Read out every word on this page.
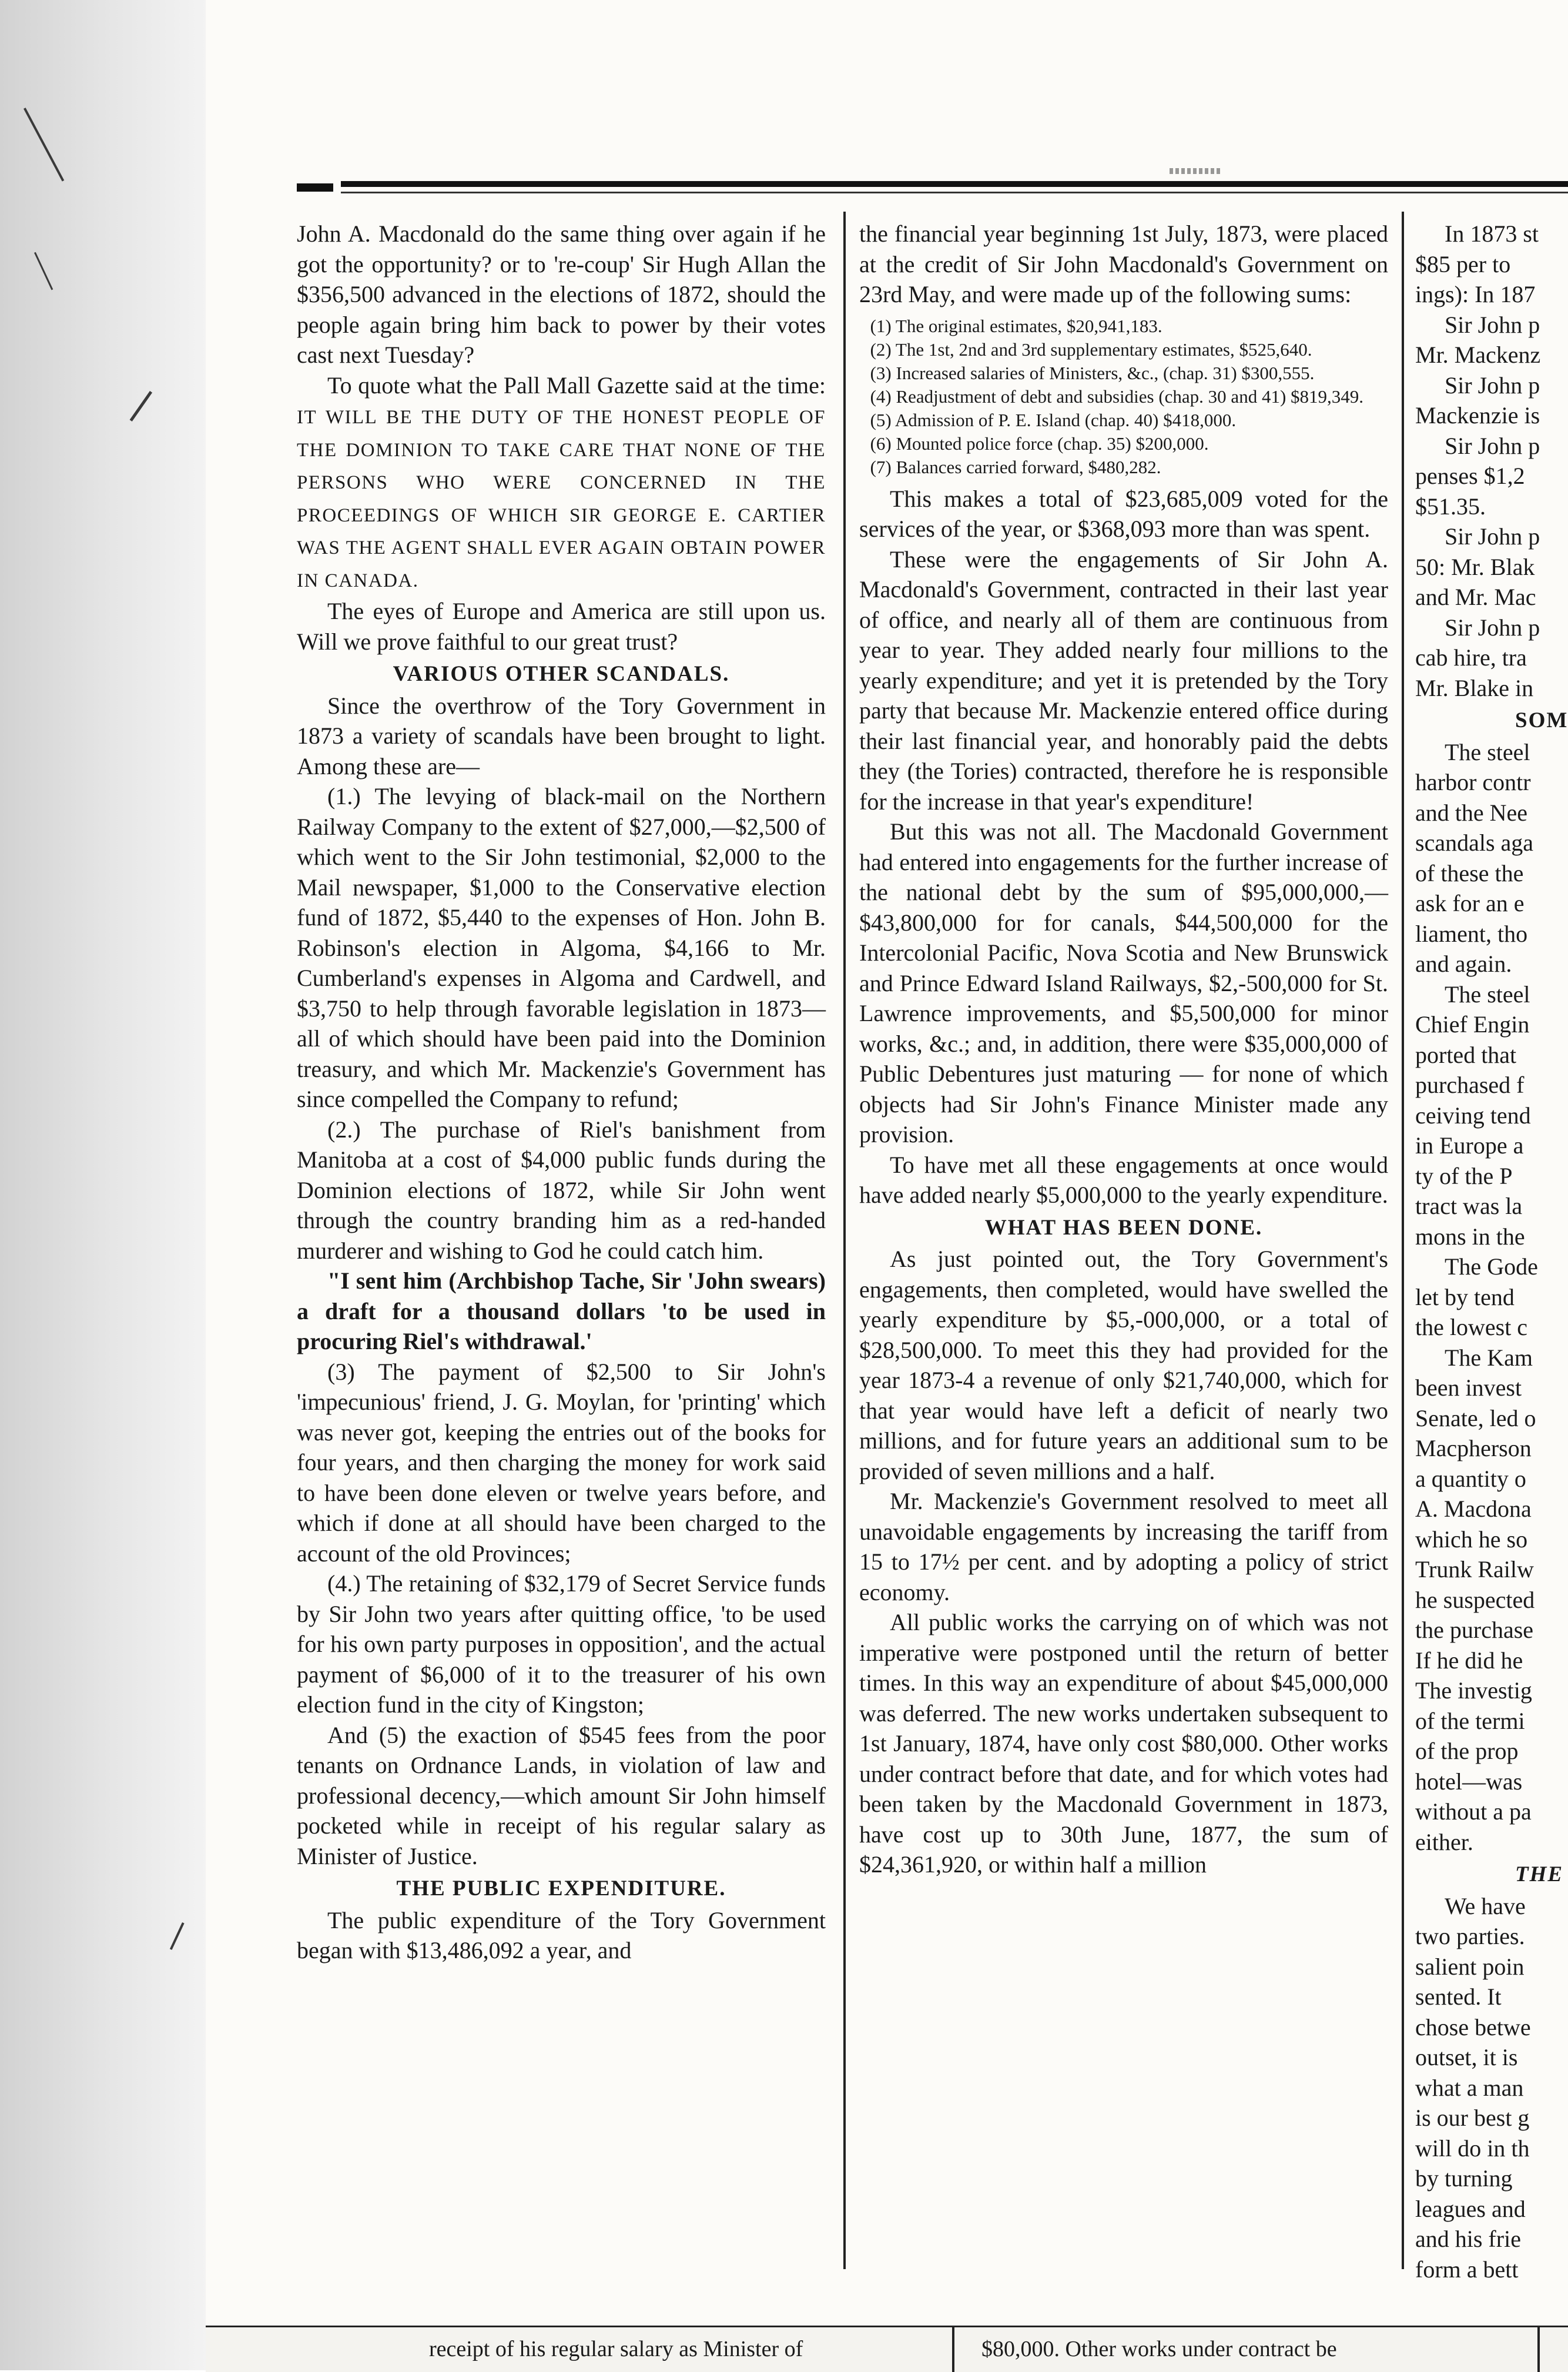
John A. Macdonald do the same thing over again if he got the opportunity? or to 're-coup' Sir Hugh Allan the $356,500 advanced in the elections of 1872, should the people again bring him back to power by their votes cast next Tuesday?

To quote what the Pall Mall Gazette said at the time: IT WILL BE THE DUTY OF THE HONEST PEOPLE OF THE DOMINION TO TAKE CARE THAT NONE OF THE PERSONS WHO WERE CONCERNED IN THE PROCEEDINGS OF WHICH SIR GEORGE E. CARTIER WAS THE AGENT SHALL EVER AGAIN OBTAIN POWER IN CANADA.

The eyes of Europe and America are still upon us. Will we prove faithful to our great trust?

VARIOUS OTHER SCANDALS.

Since the overthrow of the Tory Government in 1873 a variety of scandals have been brought to light. Among these are—

(1.) The levying of black-mail on the Northern Railway Company to the extent of $27,000,—$2,500 of which went to the Sir John testimonial, $2,000 to the Mail newspaper, $1,000 to the Conservative election fund of 1872, $5,440 to the expenses of Hon. John B. Robinson's election in Algoma, $4,166 to Mr. Cumberland's expenses in Algoma and Cardwell, and $3,750 to help through favorable legislation in 1873—all of which should have been paid into the Dominion treasury, and which Mr. Mackenzie's Government has since compelled the Company to refund;

(2.) The purchase of Riel's banishment from Manitoba at a cost of $4,000 public funds during the Dominion elections of 1872, while Sir John went through the country branding him as a red-handed murderer and wishing to God he could catch him.

"I sent him (Archbishop Tache, Sir 'John swears) a draft for a thousand dollars 'to be used in procuring Riel's withdrawal.'

(3) The payment of $2,500 to Sir John's 'impecunious' friend, J. G. Moylan, for 'printing' which was never got, keeping the entries out of the books for four years, and then charging the money for work said to have been done eleven or twelve years before, and which if done at all should have been charged to the account of the old Provinces;

(4.) The retaining of $32,179 of Secret Service funds by Sir John two years after quitting office, 'to be used for his own party purposes in opposition', and the actual payment of $6,000 of it to the treasurer of his own election fund in the city of Kingston;

And (5) the exaction of $545 fees from the poor tenants on Ordnance Lands, in violation of law and professional decency,—which amount Sir John himself pocketed while in receipt of his regular salary as Minister of Justice.

THE PUBLIC EXPENDITURE.

The public expenditure of the Tory Government began with $13,486,092 a year, and

the financial year beginning 1st July, 1873, were placed at the credit of Sir John Macdonald's Government on 23rd May, and were made up of the following sums:

(1) The original estimates, $20,941,183.
(2) The 1st, 2nd and 3rd supplementary estimates, $525,640.
(3) Increased salaries of Ministers, &c., (chap. 31) $300,555.
(4) Readjustment of debt and subsidies (chap. 30 and 41) $819,349.
(5) Admission of P. E. Island (chap. 40) $418,000.
(6) Mounted police force (chap. 35) $200,000.
(7) Balances carried forward, $480,282.

This makes a total of $23,685,009 voted for the services of the year, or $368,093 more than was spent.

These were the engagements of Sir John A. Macdonald's Government, contracted in their last year of office, and nearly all of them are continuous from year to year. They added nearly four millions to the yearly expenditure; and yet it is pretended by the Tory party that because Mr. Mackenzie entered office during their last financial year, and honorably paid the debts they (the Tories) contracted, therefore he is responsible for the increase in that year's expenditure!

But this was not all. The Macdonald Government had entered into engagements for the further increase of the national debt by the sum of $95,000,000,—$43,800,000 for for canals, $44,500,000 for the Intercolonial Pacific, Nova Scotia and New Brunswick and Prince Edward Island Railways, $2,-500,000 for St. Lawrence improvements, and $5,500,000 for minor works, &c.; and, in addition, there were $35,000,000 of Public Debentures just maturing — for none of which objects had Sir John's Finance Minister made any provision.

To have met all these engagements at once would have added nearly $5,000,000 to the yearly expenditure.

WHAT HAS BEEN DONE.

As just pointed out, the Tory Government's engagements, then completed, would have swelled the yearly expenditure by $5,-000,000, or a total of $28,500,000. To meet this they had provided for the year 1873-4 a revenue of only $21,740,000, which for that year would have left a deficit of nearly two millions, and for future years an additional sum to be provided of seven millions and a half.

Mr. Mackenzie's Government resolved to meet all unavoidable engagements by increasing the tariff from 15 to 17½ per cent. and by adopting a policy of strict economy.

All public works the carrying on of which was not imperative were postponed until the return of better times. In this way an expenditure of about $45,000,000 was deferred. The new works undertaken subsequent to 1st January, 1874, have only cost $80,000. Other works under contract before that date, and for which votes had been taken by the Macdonald Government in 1873, have cost up to 30th June, 1877, the sum of $24,361,920, or within half a million

In 1873 st

$85 per to

ings): In 187

Sir John p

Mr. Mackenz

Sir John p

Mackenzie is

Sir John p

penses $1,2

$51.35.

Sir John p

50: Mr. Blak

and Mr. Mac

Sir John p

cab hire, tra

Mr. Blake in

SOM

The steel

harbor contr

and the Nee

scandals aga

of these the

ask for an e

liament, tho

and again.

The steel

Chief Engin

ported that

purchased f

ceiving tend

in Europe a

ty of the P

tract was la

mons in the

The Gode

let by tend

the lowest c

The Kam

been invest

Senate, led o

Macpherson

a quantity o

A. Macdona

which he so

Trunk Railw

he suspected

the purchase

If he did he

The investig

of the termi

of the prop

hotel—was

without a pa

either.

THE

We have

two parties.

salient poin

sented. It

chose betwe

outset, it is

what a man

is our best g

will do in th

by turning

leagues and

and his frie

form a bett

receipt of his regular salary as Minister of	$80,000. Other works under contract be
